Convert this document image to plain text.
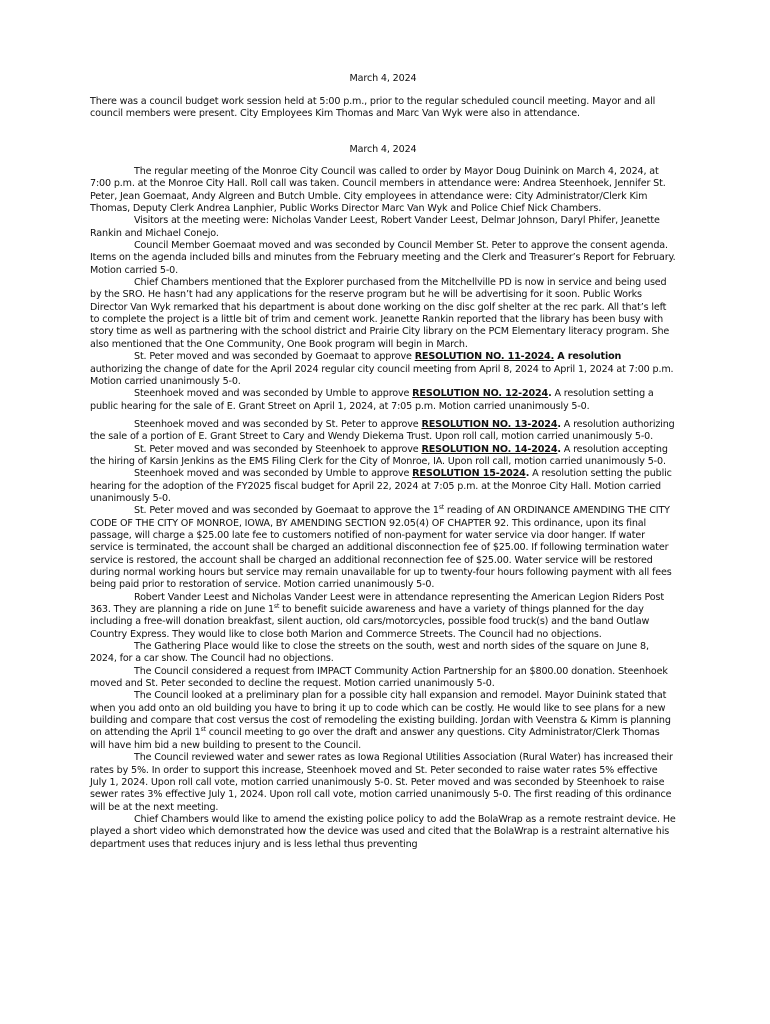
March 4, 2024

There was a council budget work session held at 5:00 p.m., prior to the regular scheduled council meeting. Mayor and all council members were present. City Employees Kim Thomas and Marc Van Wyk were also in attendance.

March 4, 2024

The regular meeting of the Monroe City Council was called to order by Mayor Doug Duinink on March 4, 2024, at 7:00 p.m. at the Monroe City Hall. Roll call was taken. Council members in attendance were: Andrea Steenhoek, Jennifer St. Peter, Jean Goemaat, Andy Algreen and Butch Umble. City employees in attendance were: City Administrator/Clerk Kim Thomas, Deputy Clerk Andrea Lanphier, Public Works Director Marc Van Wyk and Police Chief Nick Chambers.

Visitors at the meeting were: Nicholas Vander Leest, Robert Vander Leest, Delmar Johnson, Daryl Phifer, Jeanette Rankin and Michael Conejo.

Council Member Goemaat moved and was seconded by Council Member St. Peter to approve the consent agenda. Items on the agenda included bills and minutes from the February meeting and the Clerk and Treasurer’s Report for February. Motion carried 5-0.

Chief Chambers mentioned that the Explorer purchased from the Mitchellville PD is now in service and being used by the SRO. He hasn’t had any applications for the reserve program but he will be advertising for it soon. Public Works Director Van Wyk remarked that his department is about done working on the disc golf shelter at the rec park. All that’s left to complete the project is a little bit of trim and cement work. Jeanette Rankin reported that the library has been busy with story time as well as partnering with the school district and Prairie City library on the PCM Elementary literacy program. She also mentioned that the One Community, One Book program will begin in March.

St. Peter moved and was seconded by Goemaat to approve RESOLUTION NO. 11-2024. A resolution authorizing the change of date for the April 2024 regular city council meeting from April 8, 2024 to April 1, 2024 at 7:00 p.m. Motion carried unanimously 5-0.

Steenhoek moved and was seconded by Umble to approve RESOLUTION NO. 12-2024. A resolution setting a public hearing for the sale of E. Grant Street on April 1, 2024, at 7:05 p.m. Motion carried unanimously 5-0.

Steenhoek moved and was seconded by St. Peter to approve RESOLUTION NO. 13-2024. A resolution authorizing the sale of a portion of E. Grant Street to Cary and Wendy Diekema Trust. Upon roll call, motion carried unanimously 5-0.

St. Peter moved and was seconded by Steenhoek to approve RESOLUTION NO. 14-2024. A resolution accepting the hiring of Karsin Jenkins as the EMS Filing Clerk for the City of Monroe, IA. Upon roll call, motion carried unanimously 5-0.

Steenhoek moved and was seconded by Umble to approve RESOLUTION 15-2024. A resolution setting the public hearing for the adoption of the FY2025 fiscal budget for April 22, 2024 at 7:05 p.m. at the Monroe City Hall. Motion carried unanimously 5-0.

St. Peter moved and was seconded by Goemaat to approve the 1st reading of AN ORDINANCE AMENDING THE CITY CODE OF THE CITY OF MONROE, IOWA, BY AMENDING SECTION 92.05(4) OF CHAPTER 92. This ordinance, upon its final passage, will charge a $25.00 late fee to customers notified of non-payment for water service via door hanger. If water service is terminated, the account shall be charged an additional disconnection fee of $25.00. If following termination water service is restored, the account shall be charged an additional reconnection fee of $25.00. Water service will be restored during normal working hours but service may remain unavailable for up to twenty-four hours following payment with all fees being paid prior to restoration of service. Motion carried unanimously 5-0.

Robert Vander Leest and Nicholas Vander Leest were in attendance representing the American Legion Riders Post 363. They are planning a ride on June 1st to benefit suicide awareness and have a variety of things planned for the day including a free-will donation breakfast, silent auction, old cars/motorcycles, possible food truck(s) and the band Outlaw Country Express. They would like to close both Marion and Commerce Streets. The Council had no objections.

The Gathering Place would like to close the streets on the south, west and north sides of the square on June 8, 2024, for a car show. The Council had no objections.

The Council considered a request from IMPACT Community Action Partnership for an $800.00 donation. Steenhoek moved and St. Peter seconded to decline the request. Motion carried unanimously 5-0.

The Council looked at a preliminary plan for a possible city hall expansion and remodel. Mayor Duinink stated that when you add onto an old building you have to bring it up to code which can be costly. He would like to see plans for a new building and compare that cost versus the cost of remodeling the existing building. Jordan with Veenstra & Kimm is planning on attending the April 1st council meeting to go over the draft and answer any questions. City Administrator/Clerk Thomas will have him bid a new building to present to the Council.

The Council reviewed water and sewer rates as Iowa Regional Utilities Association (Rural Water) has increased their rates by 5%. In order to support this increase, Steenhoek moved and St. Peter seconded to raise water rates 5% effective July 1, 2024. Upon roll call vote, motion carried unanimously 5-0. St. Peter moved and was seconded by Steenhoek to raise sewer rates 3% effective July 1, 2024. Upon roll call vote, motion carried unanimously 5-0. The first reading of this ordinance will be at the next meeting.

Chief Chambers would like to amend the existing police policy to add the BolaWrap as a remote restraint device. He played a short video which demonstrated how the device was used and cited that the BolaWrap is a restraint alternative his department uses that reduces injury and is less lethal thus preventing
